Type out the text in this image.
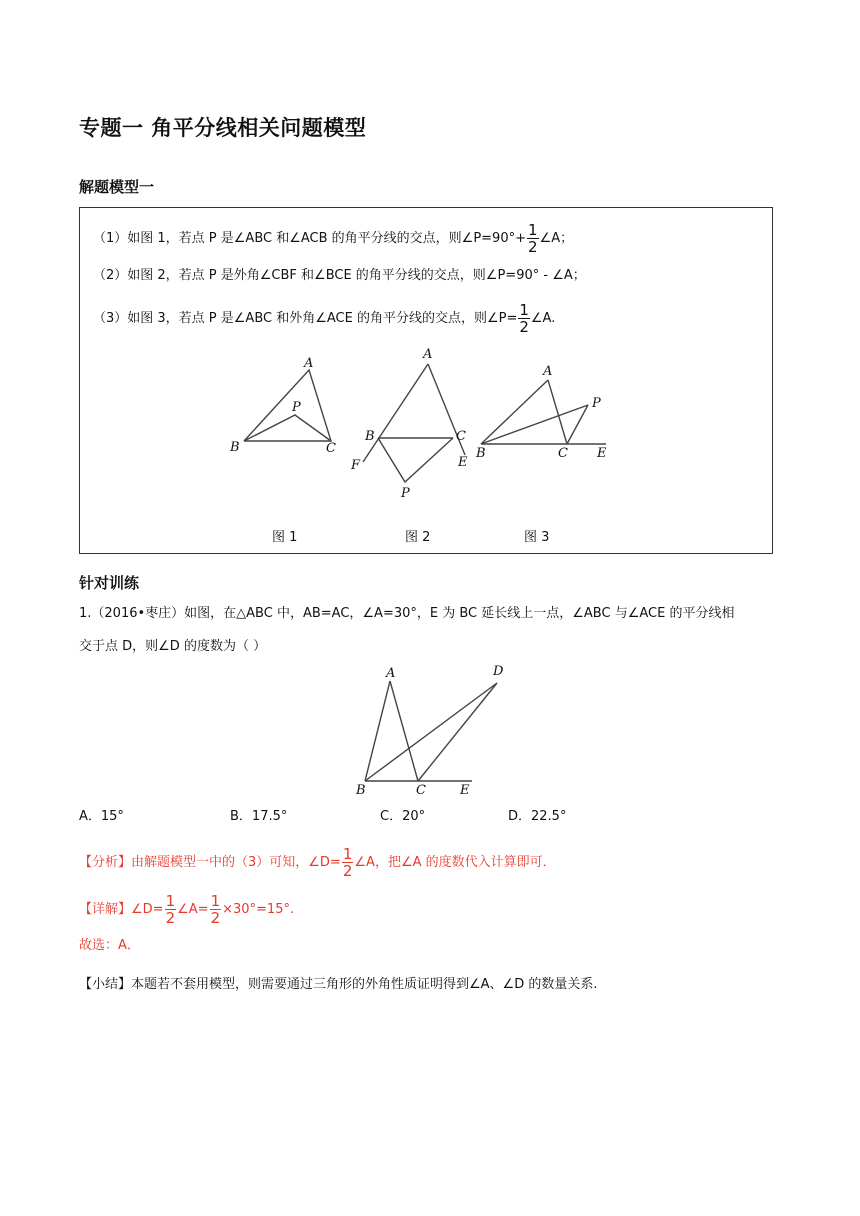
专题一 角平分线相关问题模型
解题模型一
（1）如图 1，若点 P 是∠ABC 和∠ACB 的角平分线的交点，则∠P=90°+ $\frac{1}{2}$ ∠A；
（2）如图 2，若点 P 是外角∠CBF 和∠BCE 的角平分线的交点，则∠P=90° - ∠A；
（3）如图 3，若点 P 是∠ABC 和外角∠ACE 的角平分线的交点，则∠P= $\frac{1}{2}$ ∠A.
A
P
B	C
A
B	C
F	E
P
A
P
B	C E
图 1	图 2	图 3
针对训练
1.（2016•枣庄）如图，在△ABC 中，AB=AC，∠A=30°，E 为 BC 延长线上一点，∠ABC 与∠ACE 的平分线相
交于点 D，则∠D 的度数为（ ）
A	D
B	C	E
A．15°	B．17.5°	C．20°	D．22.5°
【分析】由解题模型一中的（3）可知，∠D= $\frac{1}{2}$ ∠A，把∠A 的度数代入计算即可．
【详解】∠D= $\frac{1}{2}$ ∠A= $\frac{1}{2} \times 30^\circ=15^\circ$.
故选：A．
【小结】本题若不套用模型，则需要通过三角形的外角性质证明得到∠A、∠D 的数量关系.
